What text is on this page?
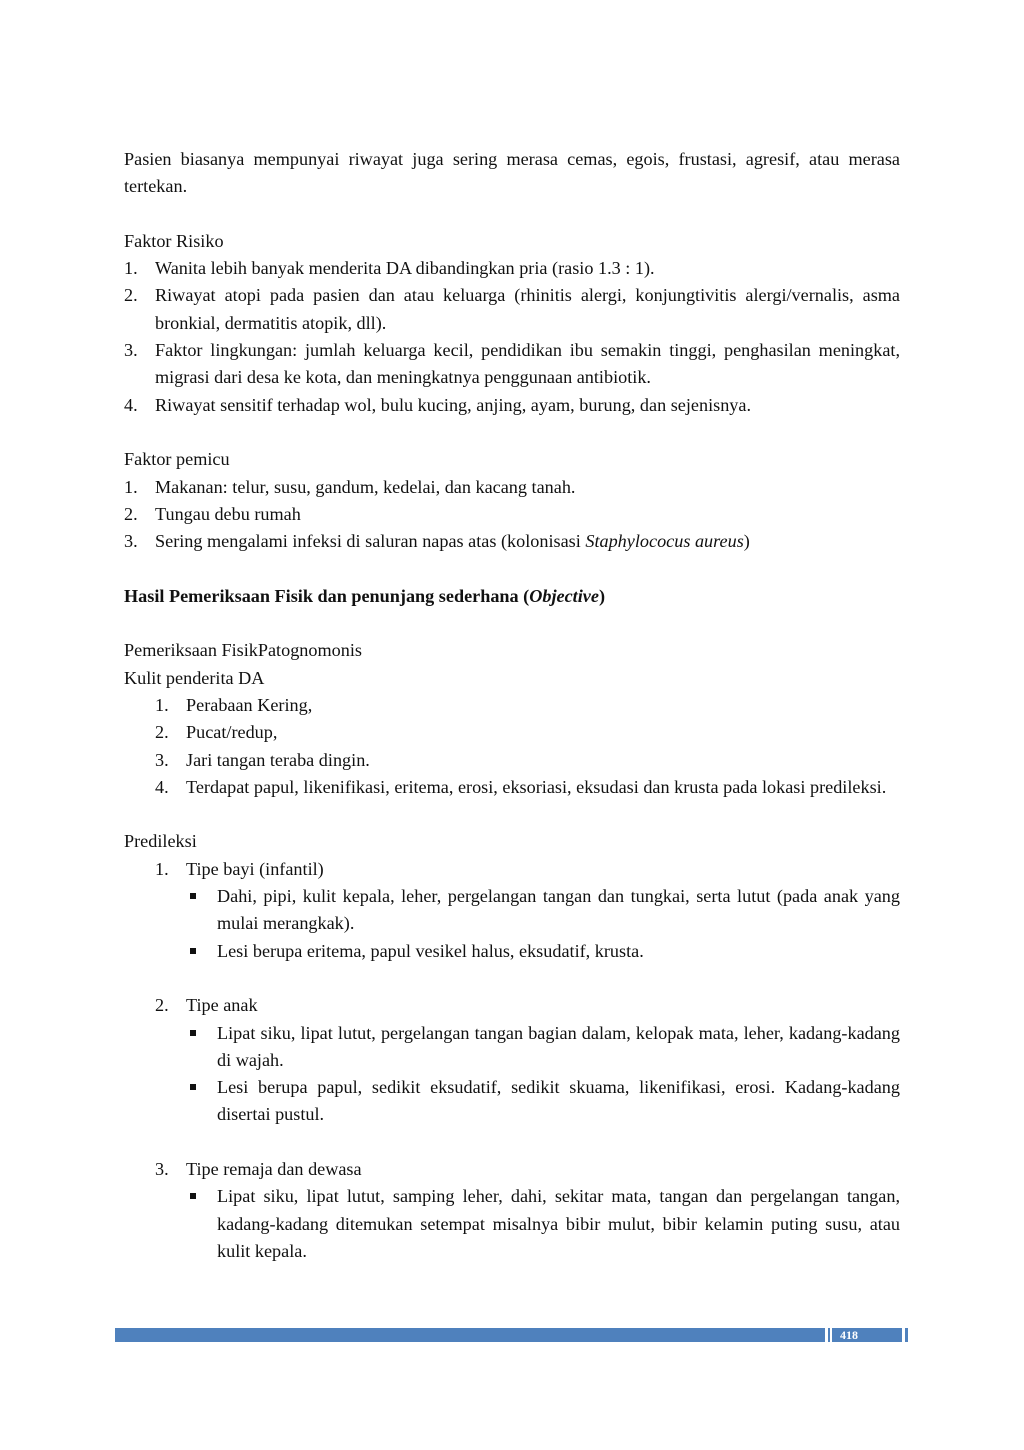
Pasien biasanya mempunyai riwayat juga sering merasa cemas, egois, frustasi, agresif, atau merasa tertekan.

Faktor Risiko

1. Wanita lebih banyak menderita DA dibandingkan pria (rasio 1.3 : 1).
2. Riwayat atopi pada pasien dan atau keluarga (rhinitis alergi, konjungtivitis alergi/vernalis, asma bronkial, dermatitis atopik, dll).
3. Faktor lingkungan: jumlah keluarga kecil, pendidikan ibu semakin tinggi, penghasilan meningkat, migrasi dari desa ke kota, dan meningkatnya penggunaan antibiotik.
4. Riwayat sensitif terhadap wol, bulu kucing, anjing, ayam, burung, dan sejenisnya.

Faktor pemicu

1. Makanan: telur, susu, gandum, kedelai, dan kacang tanah.
2. Tungau debu rumah
3. Sering mengalami infeksi di saluran napas atas (kolonisasi Staphylococus aureus)

Hasil Pemeriksaan Fisik dan penunjang sederhana (Objective)

Pemeriksaan FisikPatognomonis

Kulit penderita DA

1. Perabaan Kering,
2. Pucat/redup,
3. Jari tangan teraba dingin.
4. Terdapat papul, likenifikasi, eritema, erosi, eksoriasi, eksudasi dan krusta pada lokasi predileksi.

Predileksi

1. Tipe bayi (infantil)
Dahi, pipi, kulit kepala, leher, pergelangan tangan dan tungkai, serta lutut (pada anak yang mulai merangkak).
Lesi berupa eritema, papul vesikel halus, eksudatif, krusta.
2. Tipe anak
Lipat siku, lipat lutut, pergelangan tangan bagian dalam, kelopak mata, leher, kadang-kadang di wajah.
Lesi berupa papul, sedikit eksudatif, sedikit skuama, likenifikasi, erosi. Kadang-kadang disertai pustul.
3. Tipe remaja dan dewasa
Lipat siku, lipat lutut, samping leher, dahi, sekitar mata, tangan dan pergelangan tangan, kadang-kadang ditemukan setempat misalnya bibir mulut, bibir kelamin puting susu, atau kulit kepala.
418
